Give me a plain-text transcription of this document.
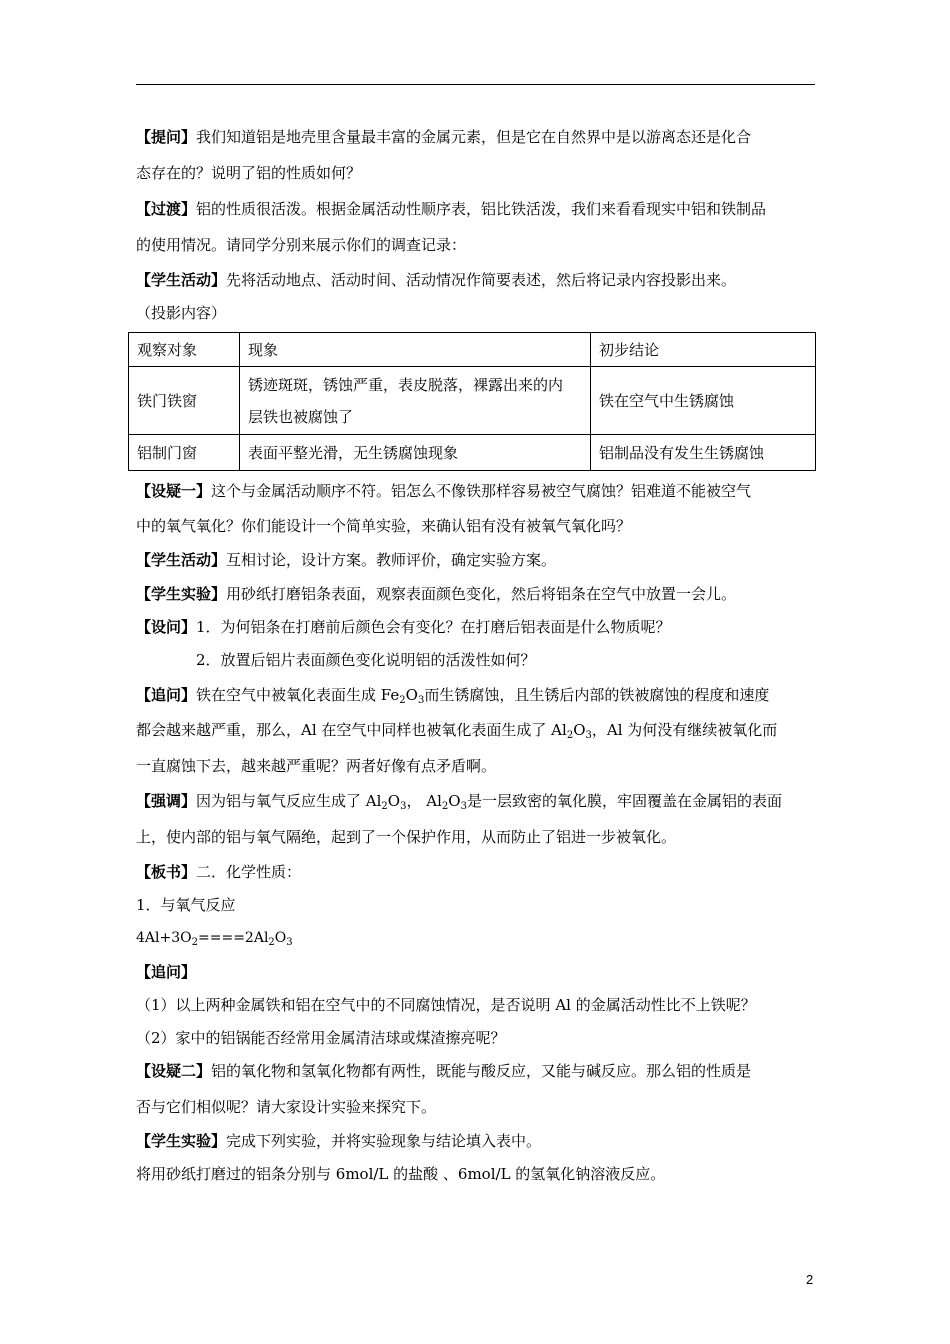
【提问】我们知道铝是地壳里含量最丰富的金属元素，但是它在自然界中是以游离态还是化合
态存在的？说明了铝的性质如何？
【过渡】铝的性质很活泼。根据金属活动性顺序表，铝比铁活泼，我们来看看现实中铝和铁制品
的使用情况。请同学分别来展示你们的调查记录：
【学生活动】先将活动地点、活动时间、活动情况作简要表述，然后将记录内容投影出来。
（投影内容）
观察对象	现象	初步结论
铁门铁窗	锈迹斑斑，锈蚀严重，表皮脱落，裸露出来的内
层铁也被腐蚀了	铁在空气中生锈腐蚀
铝制门窗	表面平整光滑，无生锈腐蚀现象	铝制品没有发生生锈腐蚀
【设疑一】这个与金属活动顺序不符。铝怎么不像铁那样容易被空气腐蚀？铝难道不能被空气
中的氧气氧化？你们能设计一个简单实验，来确认铝有没有被氧气氧化吗？
【学生活动】互相讨论，设计方案。教师评价，确定实验方案。
【学生实验】用砂纸打磨铝条表面，观察表面颜色变化，然后将铝条在空气中放置一会儿。
【设问】1．为何铝条在打磨前后颜色会有变化？在打磨后铝表面是什么物质呢？
2．放置后铝片表面颜色变化说明铝的活泼性如何？
【追问】铁在空气中被氧化表面生成 $Fe_2O_3$而生锈腐蚀，且生锈后内部的铁被腐蚀的程度和速度
都会越来越严重，那么，Al 在空气中同样也被氧化表面生成了 $Al_2O_3$，Al 为何没有继续被氧化而
一直腐蚀下去，越来越严重呢？两者好像有点矛盾啊。
【强调】因为铝与氧气反应生成了 $Al_2O_3$， $Al_2O_3$是一层致密的氧化膜，牢固覆盖在金属铝的表面
上，使内部的铝与氧气隔绝，起到了一个保护作用，从而防止了铝进一步被氧化。
【板书】二．化学性质：
1．与氧气反应
$4Al+3O_2====2Al_2O_3$
【追问】
（1）以上两种金属铁和铝在空气中的不同腐蚀情况，是否说明 Al 的金属活动性比不上铁呢？
（2）家中的铝锅能否经常用金属清洁球或煤渣擦亮呢？
【设疑二】铝的氧化物和氢氧化物都有两性，既能与酸反应，又能与碱反应。那么铝的性质是
否与它们相似呢？请大家设计实验来探究下。
【学生实验】完成下列实验，并将实验现象与结论填入表中。
将用砂纸打磨过的铝条分别与 6mol/L 的盐酸 、6mol/L 的氢氧化钠溶液反应。
2
